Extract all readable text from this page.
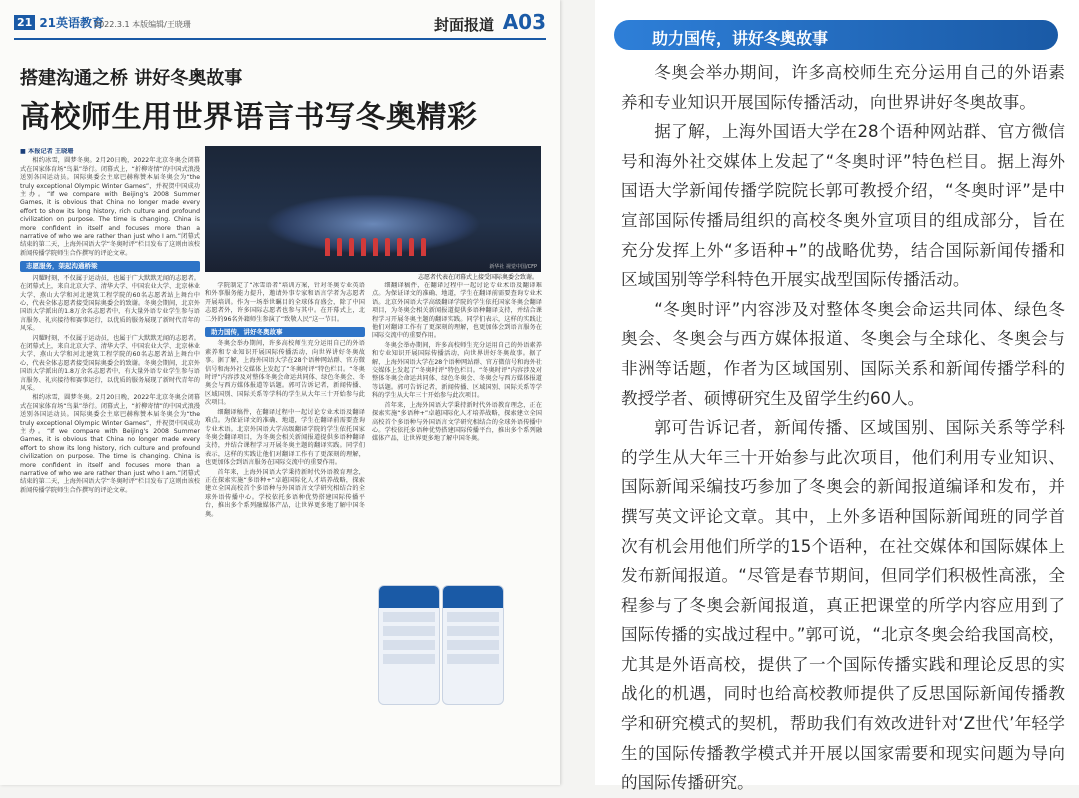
21 21英语教育
2022.3.1 本版编辑/王晓珊	封面报道 A03
搭建沟通之桥 讲好冬奥故事
高校师生用世界语言书写冬奥精彩

■ 本报记者 王晓珊

相约冰雪，圆梦冬奥。2月20日晚，2022年北京冬奥会闭幕式在国家体育场“鸟巢”举行。闭幕式上，“折柳寄情”的中国式浪漫送别各国运动员。国际奥委会主席巴赫称赞本届冬奥会为“the truly exceptional Olympic Winter Games”，并祝贺中国成功主办。“If we compare with Beijing's 2008 Summer Games, it is obvious that China no longer made every effort to show its long history, rich culture and profound civilization on purpose. The time is changing. China is more confident in itself and focuses more than a narrative of who we are rather than just who I am.”闭幕式结束的第二天，上海外国语大学“冬奥时评”栏目发布了这则由该校新闻传播学院师生合作撰写的评论文章。

志愿服务，架起沟通桥梁

闪耀时刻，不仅属于运动员，也属于广大默默无闻的志愿者。在闭幕式上，来自北京大学、清华大学、中国农业大学、北京林业大学、燕山大学和河北建筑工程学院的60名志愿者站上舞台中心，代表全体志愿者接受国际奥委会的致谢。冬奥会期间，北京外国语大学派出的1.8万余名志愿者中，有大量外语专业学生参与语言服务、礼宾接待和赛事运行，以优质的服务展现了新时代青年的风采。

闪耀时刻，不仅属于运动员，也属于广大默默无闻的志愿者。在闭幕式上，来自北京大学、清华大学、中国农业大学、北京林业大学、燕山大学和河北建筑工程学院的60名志愿者站上舞台中心，代表全体志愿者接受国际奥委会的致谢。冬奥会期间，北京外国语大学派出的1.8万余名志愿者中，有大量外语专业学生参与语言服务、礼宾接待和赛事运行，以优质的服务展现了新时代青年的风采。

相约冰雪，圆梦冬奥。2月20日晚，2022年北京冬奥会闭幕式在国家体育场“鸟巢”举行。闭幕式上，“折柳寄情”的中国式浪漫送别各国运动员。国际奥委会主席巴赫称赞本届冬奥会为“the truly exceptional Olympic Winter Games”，并祝贺中国成功主办。“If we compare with Beijing's 2008 Summer Games, it is obvious that China no longer made every effort to show its long history, rich culture and profound civilization on purpose. The time is changing. China is more confident in itself and focuses more than a narrative of who we are rather than just who I am.”闭幕式结束的第二天，上海外国语大学“冬奥时评”栏目发布了这则由该校新闻传播学院师生合作撰写的评论文章。

新华社 视觉中国/CFP
志愿者代表在闭幕式上接受国际奥委会致谢。

学院制定了“冰雪语者”培训方案，针对冬奥专业英语和外事服务能力提升，邀请外事专家和语言学者为志愿者开展培训。作为一场举世瞩目的全球体育盛会，除了中国志愿者外，许多国际志愿者也参与其中。在开幕式上，北二外的96名外籍师生参演了“致敬人民”这一节目。

助力国传，讲好冬奥故事

冬奥会举办期间，许多高校师生充分运用自己的外语素养和专业知识开展国际传播活动，向世界讲好冬奥故事。据了解，上海外国语大学在28个语种网站群、官方微信号和海外社交媒体上发起了“冬奥时评”特色栏目。“冬奥时评”内容涉及对整体冬奥会命运共同体、绿色冬奥会、冬奥会与西方媒体报道等话题。郭可告诉记者，新闻传播、区域国别、国际关系等学科的学生从大年三十开始参与此次项目。

细翻译稿件，在翻译过程中一起讨论专业术语及翻译难点。为保证译文的准确、地道，学生在翻译前需要查询专业术语。北京外国语大学高级翻译学院的学生依托国家冬奥会翻译项目，为冬奥会相关新闻报道提供多语种翻译支持，并结合课程学习开展冬奥主题的翻译实践。同学们表示，这样的实践让他们对翻译工作有了更深刻的理解，也更加体会到语言服务在国际交流中的重要作用。

首年来，上海外国语大学秉持新时代外语教育理念，正在探索实施“多语种+”卓越国际化人才培养战略，探索建立全国高校首个多语种与外国语言文学研究相结合的全球外语传播中心。学校依托多语种优势搭建国际传播平台，推出多个系列融媒体产品，让世界更多地了解中国冬奥。

细翻译稿件，在翻译过程中一起讨论专业术语及翻译难点。为保证译文的准确、地道，学生在翻译前需要查询专业术语。北京外国语大学高级翻译学院的学生依托国家冬奥会翻译项目，为冬奥会相关新闻报道提供多语种翻译支持，并结合课程学习开展冬奥主题的翻译实践。同学们表示，这样的实践让他们对翻译工作有了更深刻的理解，也更加体会到语言服务在国际交流中的重要作用。

冬奥会举办期间，许多高校师生充分运用自己的外语素养和专业知识开展国际传播活动，向世界讲好冬奥故事。据了解，上海外国语大学在28个语种网站群、官方微信号和海外社交媒体上发起了“冬奥时评”特色栏目。“冬奥时评”内容涉及对整体冬奥会命运共同体、绿色冬奥会、冬奥会与西方媒体报道等话题。郭可告诉记者，新闻传播、区域国别、国际关系等学科的学生从大年三十开始参与此次项目。

首年来，上海外国语大学秉持新时代外语教育理念，正在探索实施“多语种+”卓越国际化人才培养战略，探索建立全国高校首个多语种与外国语言文学研究相结合的全球外语传播中心。学校依托多语种优势搭建国际传播平台，推出多个系列融媒体产品，让世界更多地了解中国冬奥。

助力国传，讲好冬奥故事

冬奥会举办期间，许多高校师生充分运用自己的外语素养和专业知识开展国际传播活动，向世界讲好冬奥故事。

据了解，上海外国语大学在28个语种网站群、官方微信号和海外社交媒体上发起了“冬奥时评”特色栏目。据上海外国语大学新闻传播学院院长郭可教授介绍，“冬奥时评”是中宣部国际传播局组织的高校冬奥外宣项目的组成部分，旨在充分发挥上外“多语种+”的战略优势，结合国际新闻传播和区域国别等学科特色开展实战型国际传播活动。

“冬奥时评”内容涉及对整体冬奥会命运共同体、绿色冬奥会、冬奥会与西方媒体报道、冬奥会与全球化、冬奥会与非洲等话题，作者为区域国别、国际关系和新闻传播学科的教授学者、硕博研究生及留学生约60人。

郭可告诉记者，新闻传播、区域国别、国际关系等学科的学生从大年三十开始参与此次项目，他们利用专业知识、国际新闻采编技巧参加了冬奥会的新闻报道编译和发布，并撰写英文评论文章。其中，上外多语种国际新闻班的同学首次有机会用他们所学的15个语种，在社交媒体和国际媒体上发布新闻报道。“尽管是春节期间，但同学们积极性高涨，全程参与了冬奥会新闻报道，真正把课堂的所学内容应用到了国际传播的实战过程中。”郭可说，“北京冬奥会给我国高校，尤其是外语高校，提供了一个国际传播实践和理论反思的实战化的机遇，同时也给高校教师提供了反思国际新闻传播教学和研究模式的契机，帮助我们有效改进针对‘Z世代’年轻学生的国际传播教学模式并开展以国家需要和现实问题为导向的国际传播研究。
